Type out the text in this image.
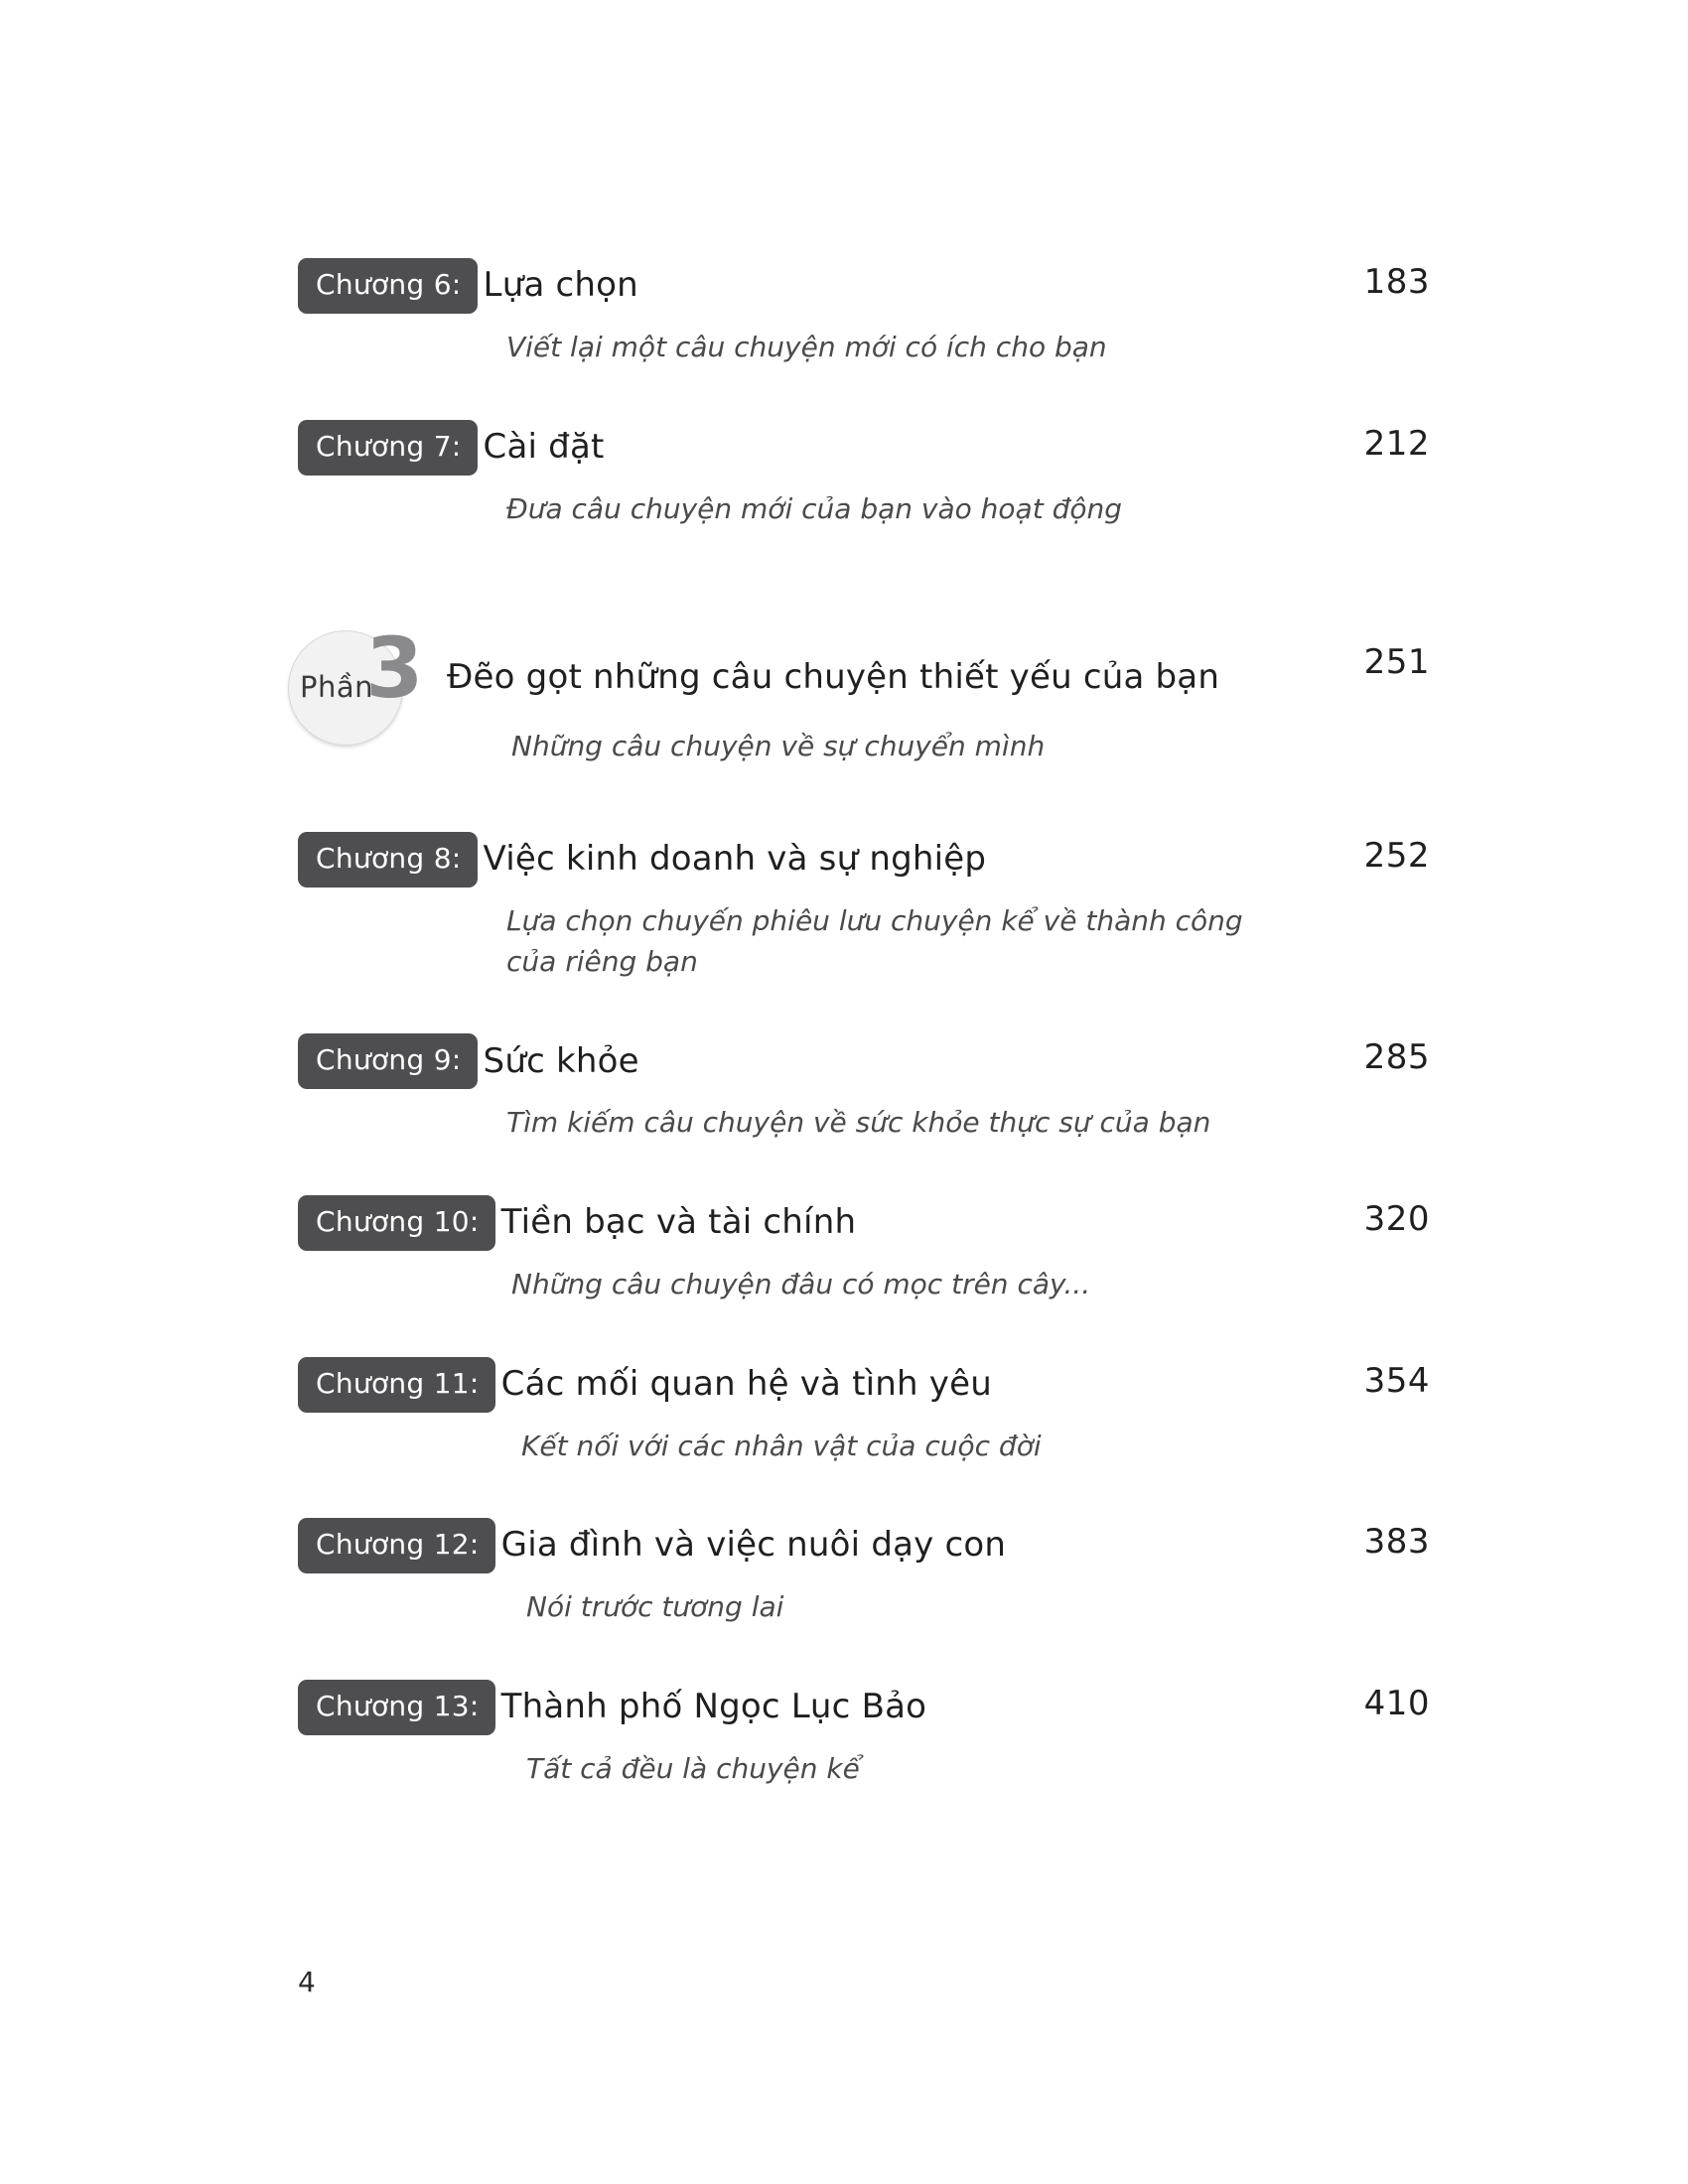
Chương 6: Lựa chọn	183
Viết lại một câu chuyện mới có ích cho bạn
Chương 7: Cài đặt	212
Đưa câu chuyện mới của bạn vào hoạt động
Phần
3 Đẽo gọt những câu chuyện thiết yếu của bạn	251
Những câu chuyện về sự chuyển mình
Chương 8: Việc kinh doanh và sự nghiệp	252
Lựa chọn chuyến phiêu lưu chuyện kể về thành công của riêng bạn
Chương 9: Sức khỏe	285
Tìm kiếm câu chuyện về sức khỏe thực sự của bạn
Chương 10: Tiền bạc và tài chính	320
Những câu chuyện đâu có mọc trên cây...
Chương 11: Các mối quan hệ và tình yêu	354
Kết nối với các nhân vật của cuộc đời
Chương 12: Gia đình và việc nuôi dạy con	383
Nói trước tương lai
Chương 13: Thành phố Ngọc Lục Bảo	410
Tất cả đều là chuyện kể
4
